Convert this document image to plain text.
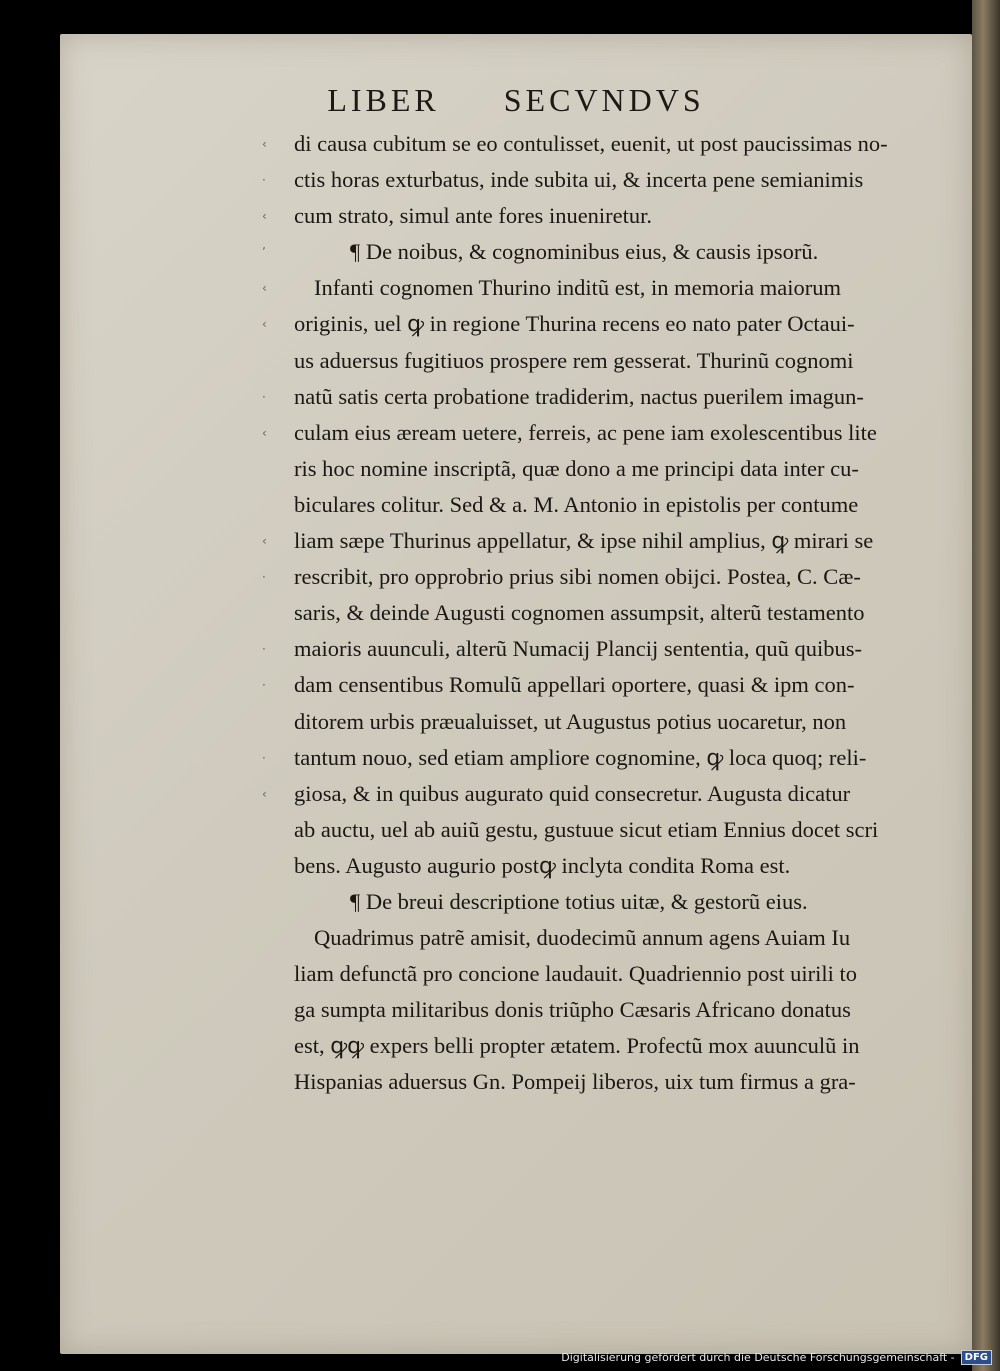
LIBER SECVNDVS
‹
·
‹
ʼ
‹
‹
·
‹
‹
·
·
·
·
‹
di causa cubitum se eo contulisset, euenit, ut post paucissimas no-
ctis horas exturbatus, inde subita ui, & incerta pene semianimis
cum strato, simul ante fores inueniretur.
¶ De noibus, & cognominibus eius, & causis ipsorũ.
Infanti cognomen Thurino inditũ est, in memoria maiorum
originis, uel ꝙ in regione Thurina recens eo nato pater Octaui-
us aduersus fugitiuos prospere rem gesserat. Thurinũ cognomi
natũ satis certa probatione tradiderim, nactus puerilem imagun-
culam eius æream uetere, ferreis, ac pene iam exolescentibus lite
ris hoc nomine inscriptã, quæ dono a me principi data inter cu-
biculares colitur. Sed & a. M. Antonio in epistolis per contume
liam sæpe Thurinus appellatur, & ipse nihil amplius, ꝙ mirari se
rescribit, pro opprobrio prius sibi nomen obijci. Postea, C. Cæ-
saris, & deinde Augusti cognomen assumpsit, alterũ testamento
maioris auunculi, alterũ Numacij Plancij sententia, quũ quibus-
dam censentibus Romulũ appellari oportere, quasi & ipm con-
ditorem urbis præualuisset, ut Augustus potius uocaretur, non
tantum nouo, sed etiam ampliore cognomine, ꝙ loca quoq; reli-
giosa, & in quibus augurato quid consecretur. Augusta dicatur
ab auctu, uel ab auiũ gestu, gustuue sicut etiam Ennius docet scri
bens. Augusto augurio postꝙ inclyta condita Roma est.
¶ De breui descriptione totius uitæ, & gestorũ eius.
Quadrimus patrẽ amisit, duodecimũ annum agens Auiam Iu
liam defunctã pro concione laudauit. Quadriennio post uirili to
ga sumpta militaribus donis triũpho Cæsaris Africano donatus
est, ꝙꝙ expers belli propter ætatem. Profectũ mox auunculũ in
Hispanias aduersus Gn. Pompeij liberos, uix tum firmus a gra-
Digitalisierung gefördert durch die Deutsche Forschungsgemeinschaft -	DFG
